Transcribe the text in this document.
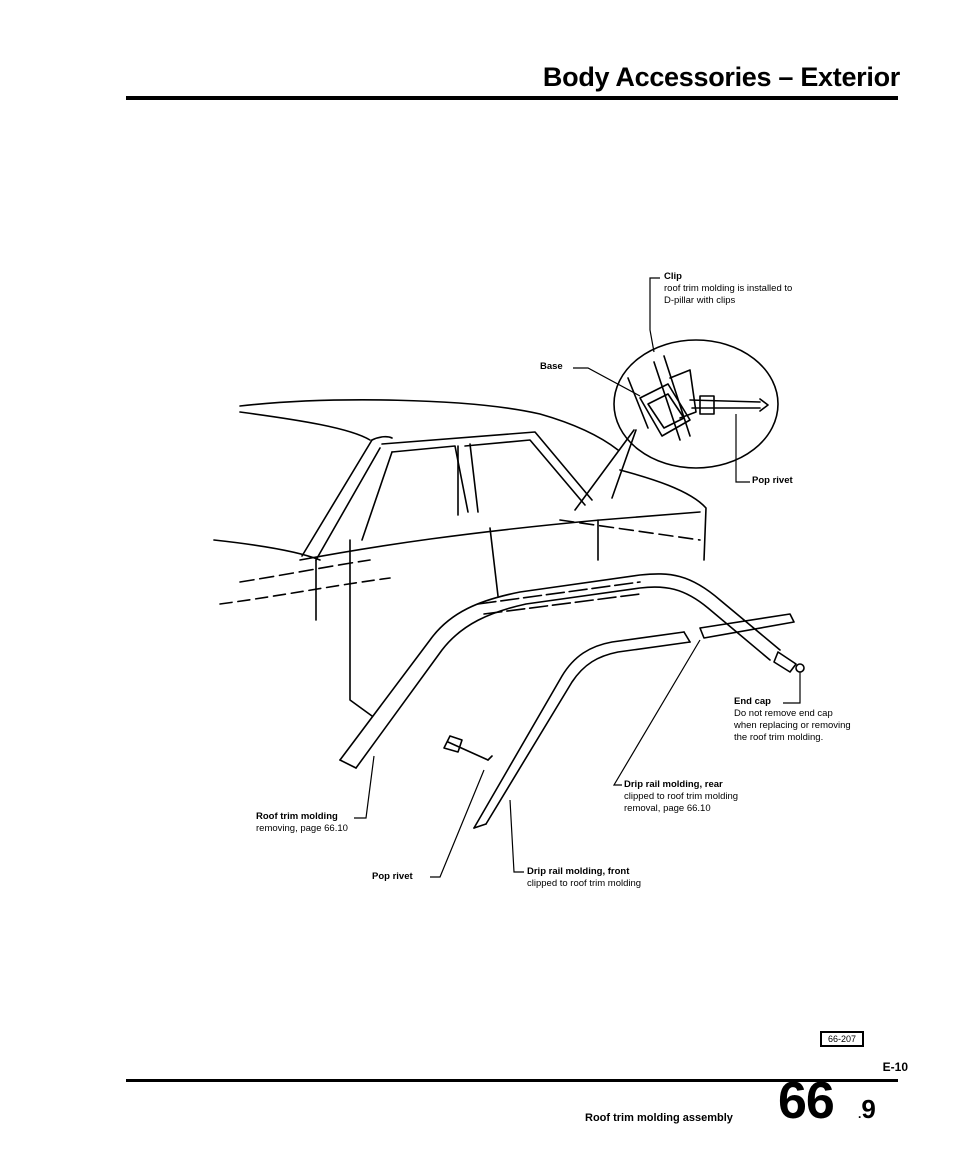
Body Accessories – Exterior
Clip
roof trim molding is installed to
D-pillar with clips
Base
Pop rivet
End cap
Do not remove end cap
when replacing or removing
the roof trim molding.
Drip rail molding, rear
clipped to roof trim molding
removal, page 66.10
Roof trim molding
removing, page 66.10
Pop rivet	Drip rail molding, front
clipped to roof trim molding
66-207
E-10
Roof trim molding assembly 66 .9
